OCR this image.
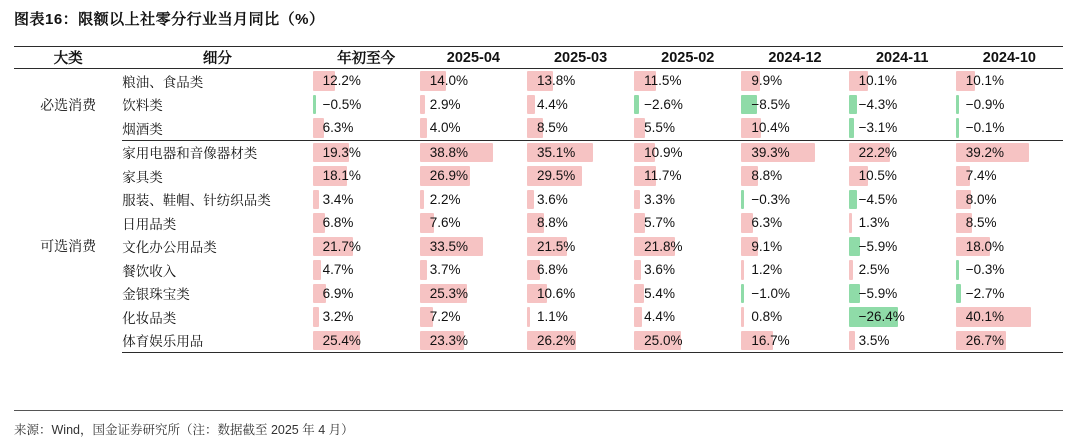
图表16：限额以上社零分行业当月同比（%）
大类	细分	年初至今	2025-04	2025-03	2025-02	2024-12	2024-11	2024-10
必选消费	粮油、食品类	12.2%	14.0%	13.8%	11.5%	9.9%	10.1%	10.1%

	饮料类	−0.5%	2.9%	4.4%	−2.6%	−8.5%	−4.3%	−0.9%

	烟酒类	6.3%	4.0%	8.5%	5.5%	10.4%	−3.1%	−0.1%

可选消费	家用电器和音像器材类	19.3%	38.8%	35.1%	10.9%	39.3%	22.2%	39.2%

	家具类	18.1%	26.9%	29.5%	11.7%	8.8%	10.5%	7.4%

	服装、鞋帽、针纺织品类	3.4%	2.2%	3.6%	3.3%	−0.3%	−4.5%	8.0%

	日用品类	6.8%	7.6%	8.8%	5.7%	6.3%	1.3%	8.5%

	文化办公用品类	21.7%	33.5%	21.5%	21.8%	9.1%	−5.9%	18.0%

	餐饮收入	4.7%	3.7%	6.8%	3.6%	1.2%	2.5%	−0.3%

	金银珠宝类	6.9%	25.3%	10.6%	5.4%	−1.0%	−5.9%	−2.7%

	化妆品类	3.2%	7.2%	1.1%	4.4%	0.8%	−26.4%	40.1%

	体育娱乐用品	25.4%	23.3%	26.2%	25.0%	16.7%	3.5%	26.7%
来源：Wind，国金证券研究所（注：数据截至 2025 年 4 月）
